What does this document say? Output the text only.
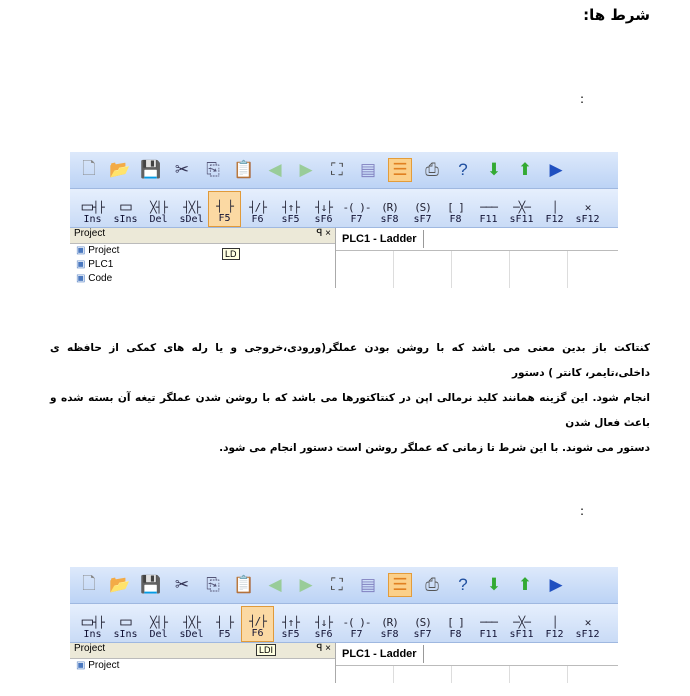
شرط ها:
:
🗋 📂 💾 ✂ ⎘ 📋 ◀ ▶ ⛶ ▤ ☰ ⎙	?	⬇ ⬆ ▶
⊏⊐┤├
Ins
⊏⊐
sIns
╳┤├
Del
┤╳├
sDel
┤ ├
F5
┤/├
F6
┤↑├
sF5
┤↓├
sF6
-( )-
F7
(R)
sF8
(S)
sF7
[ ]
F8
───
F11
─╳─
sF11
│
F12
✕
sF12
Project	ꟼ ×
▣ Project
▣ PLC1
▣ Code
PLC1 - Ladder
LD
کنتاکت باز بدین معنی می باشد که با روشن بودن عملگر(ورودی،خروجی و یا رله های کمکی از حافظه ی داخلی،تایمر، کانتر ) دستور
انجام شود. این گزینه همانند کلید نرمالی اپن در کنتاکتورها می باشد که با روشن شدن عملگر تیغه آن بسته شده و باعث فعال شدن
دستور می شوند. با این شرط تا زمانی که عملگر روشن است دستور انجام می شود.
:
🗋 📂 💾 ✂ ⎘ 📋 ◀ ▶ ⛶ ▤ ☰ ⎙	?	⬇ ⬆ ▶
⊏⊐┤├
Ins
⊏⊐
sIns
╳┤├
Del
┤╳├
sDel
┤ ├
F5
┤/├
F6
┤↑├
sF5
┤↓├
sF6
-( )-
F7
(R)
sF8
(S)
sF7
[ ]
F8
───
F11
─╳─
sF11
│
F12
✕
sF12
Project	ꟼ ×
▣ Project
PLC1 - Ladder
LDI
